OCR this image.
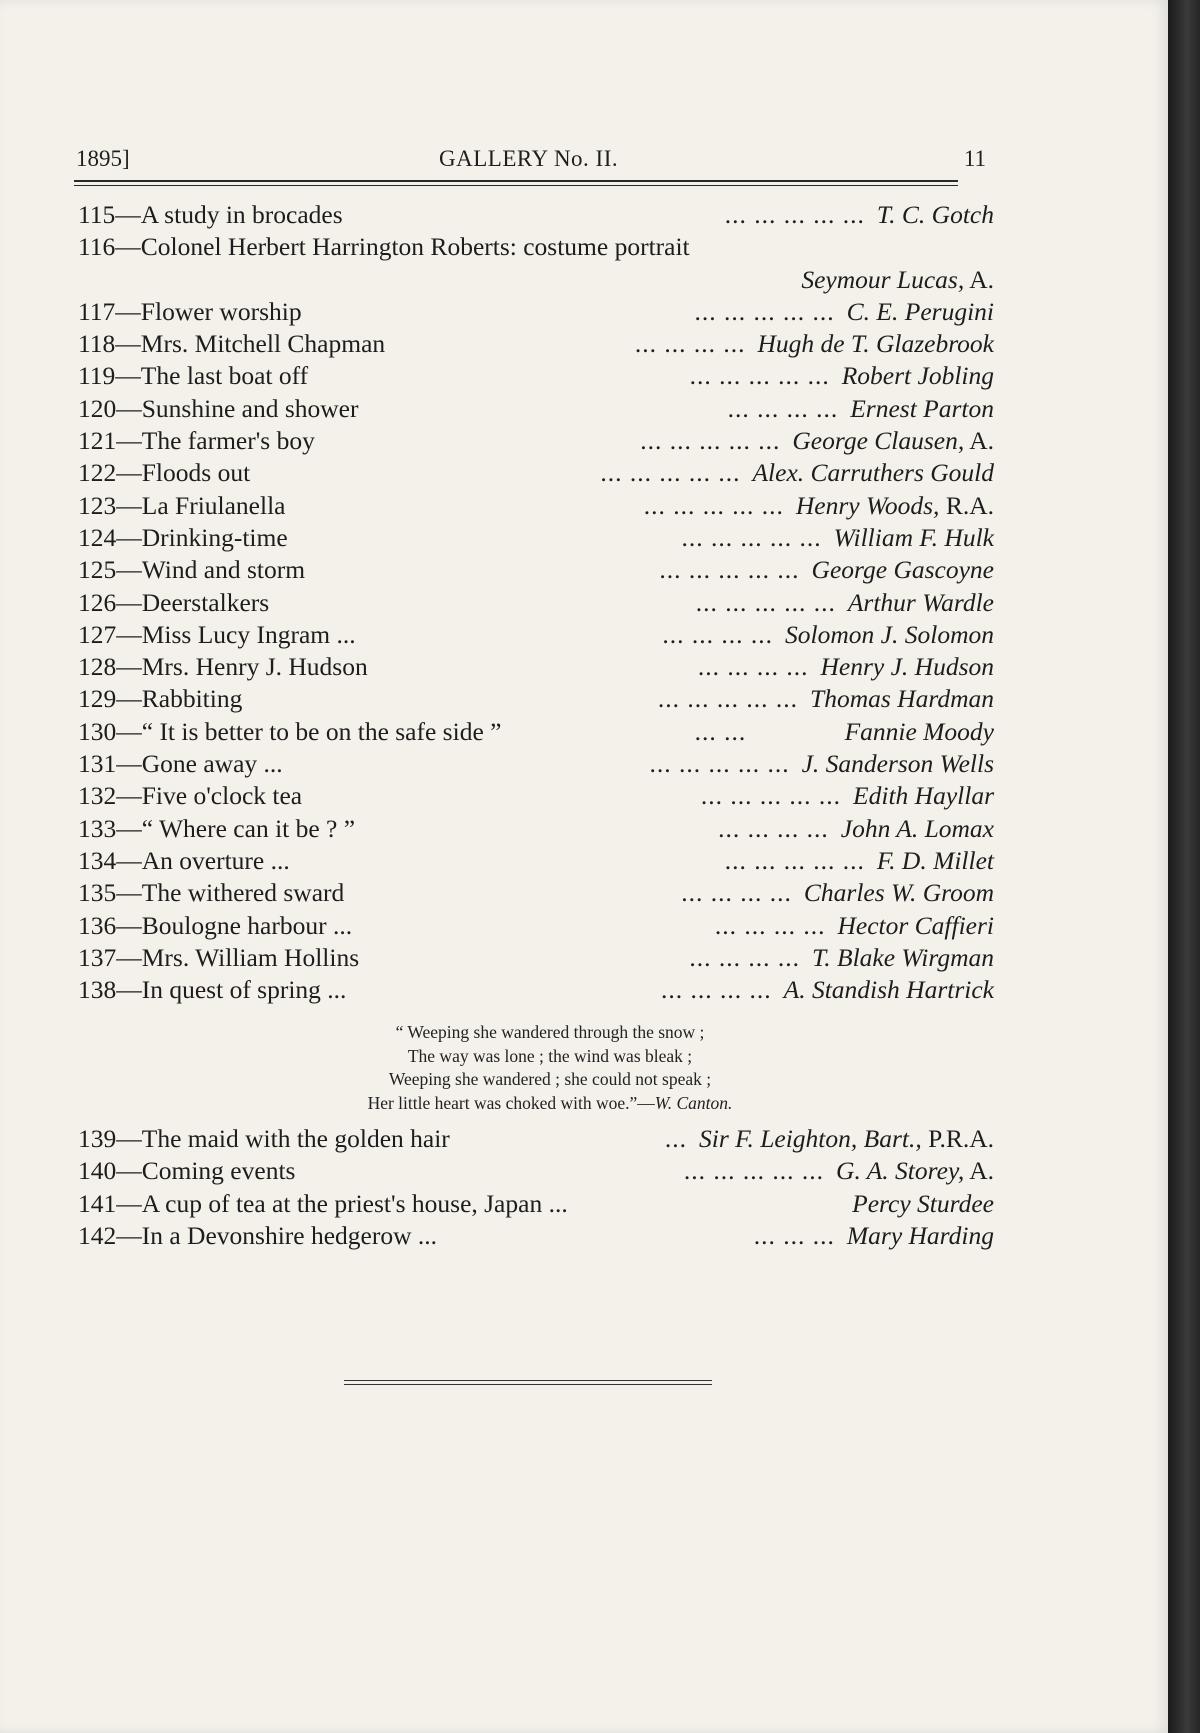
1895]	GALLERY No. II.	11
115—A study in brocades	... ... ... ... ... T. C. Gotch
116—Colonel Herbert Harrington Roberts: costume portrait
Seymour Lucas, A.
117—Flower worship	... ... ... ... ... C. E. Perugini
118—Mrs. Mitchell Chapman	... ... ... ... Hugh de T. Glazebrook
119—The last boat off	... ... ... ... ... Robert Jobling
120—Sunshine and shower	... ... ... ... Ernest Parton
121—The farmer's boy	... ... ... ... ... George Clausen, A.
122—Floods out	... ... ... ... ... Alex. Carruthers Gould
123—La Friulanella	... ... ... ... ... Henry Woods, R.A.
124—Drinking-time	... ... ... ... ... William F. Hulk
125—Wind and storm	... ... ... ... ... George Gascoyne
126—Deerstalkers	... ... ... ... ... Arthur Wardle
127—Miss Lucy Ingram ...	... ... ... ... Solomon J. Solomon
128—Mrs. Henry J. Hudson	... ... ... ... Henry J. Hudson
129—Rabbiting	... ... ... ... ... Thomas Hardman
130—“ It is better to be on the safe side ”	... ...	Fannie Moody
131—Gone away ...	... ... ... ... ... J. Sanderson Wells
132—Five o'clock tea	... ... ... ... ... Edith Hayllar
133—“ Where can it be ? ”	... ... ... ... John A. Lomax
134—An overture ...	... ... ... ... ... F. D. Millet
135—The withered sward	... ... ... ... Charles W. Groom
136—Boulogne harbour ...	... ... ... ... Hector Caffieri
137—Mrs. William Hollins	... ... ... ... T. Blake Wirgman
138—In quest of spring ...	... ... ... ... A. Standish Hartrick
“ Weeping she wandered through the snow ;
The way was lone ; the wind was bleak ;
Weeping she wandered ; she could not speak ;
Her little heart was choked with woe.”—W. Canton.
139—The maid with the golden hair	... Sir F. Leighton, Bart., P.R.A.
140—Coming events	... ... ... ... ... G. A. Storey, A.
141—A cup of tea at the priest's house, Japan ...	Percy Sturdee
142—In a Devonshire hedgerow ...	... ... ... Mary Harding
